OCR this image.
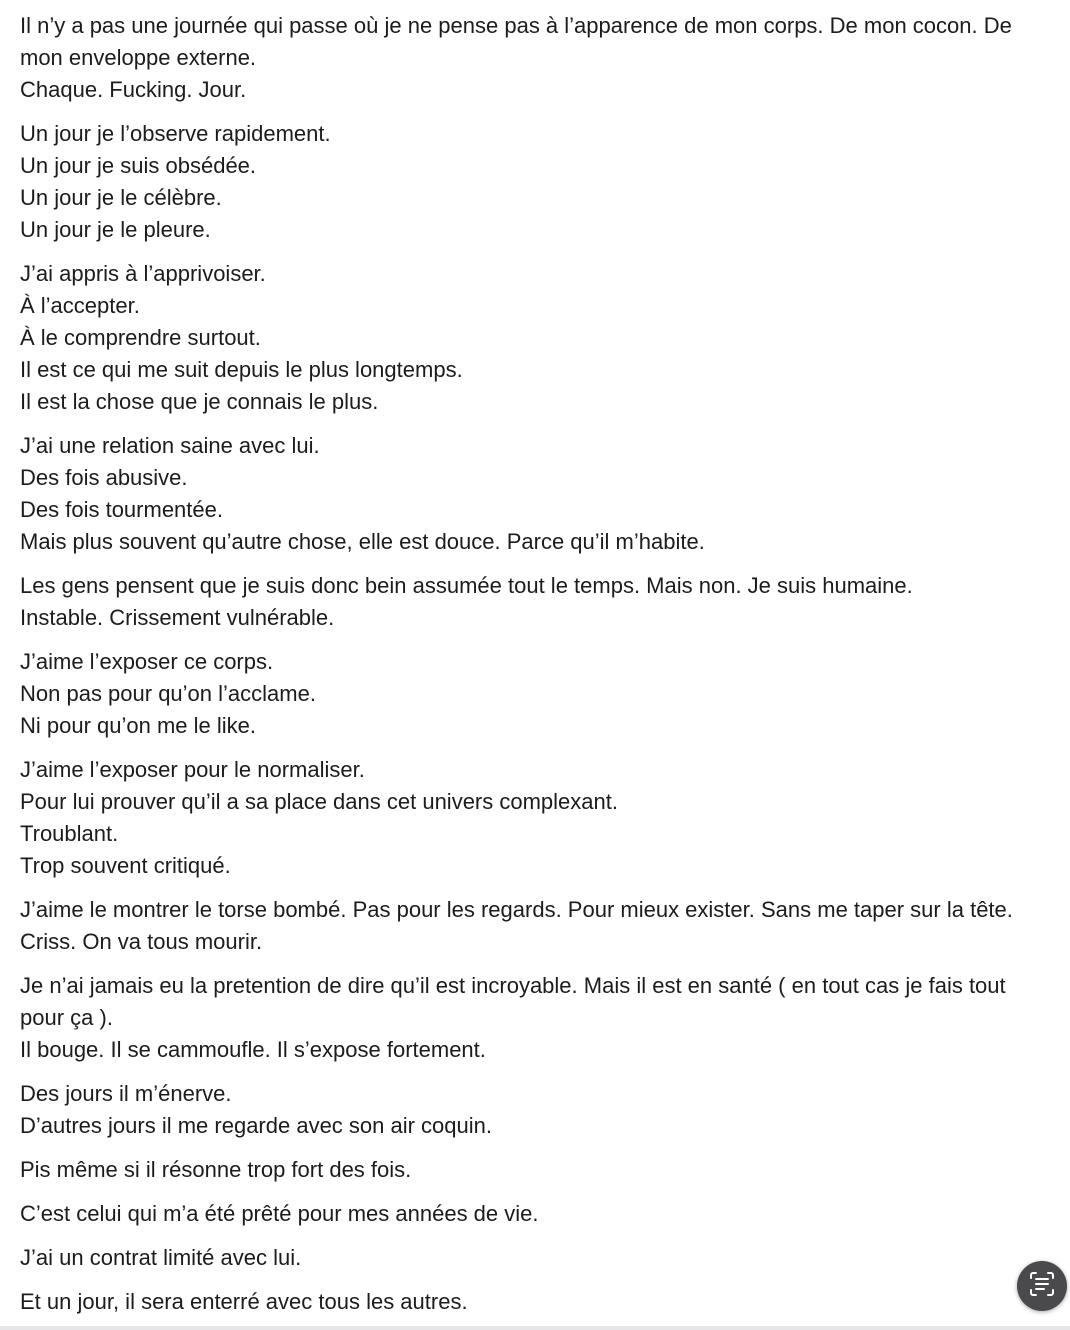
Il n’y a pas une journée qui passe où je ne pense pas à l’apparence de mon corps. De mon cocon. De mon enveloppe externe.
Chaque. Fucking. Jour.
Un jour je l’observe rapidement.
Un jour je suis obsédée.
Un jour je le célèbre.
Un jour je le pleure.
J’ai appris à l’apprivoiser.
À l’accepter.
À le comprendre surtout.
Il est ce qui me suit depuis le plus longtemps.
Il est la chose que je connais le plus.
J’ai une relation saine avec lui.
Des fois abusive.
Des fois tourmentée.
Mais plus souvent qu’autre chose, elle est douce. Parce qu’il m’habite.
Les gens pensent que je suis donc bein assumée tout le temps. Mais non. Je suis humaine.
Instable. Crissement vulnérable.
J’aime l’exposer ce corps.
Non pas pour qu’on l’acclame.
Ni pour qu’on me le like.
J’aime l’exposer pour le normaliser.
Pour lui prouver qu’il a sa place dans cet univers complexant.
Troublant.
Trop souvent critiqué.
J’aime le montrer le torse bombé. Pas pour les regards. Pour mieux exister. Sans me taper sur la tête. Criss. On va tous mourir.
Je n’ai jamais eu la pretention de dire qu’il est incroyable. Mais il est en santé ( en tout cas je fais tout pour ça ).
Il bouge. Il se cammoufle. Il s’expose fortement.
Des jours il m’énerve.
D’autres jours il me regarde avec son air coquin.
Pis même si il résonne trop fort des fois.
C’est celui qui m’a été prêté pour mes années de vie.
J’ai un contrat limité avec lui.
Et un jour, il sera enterré avec tous les autres.
